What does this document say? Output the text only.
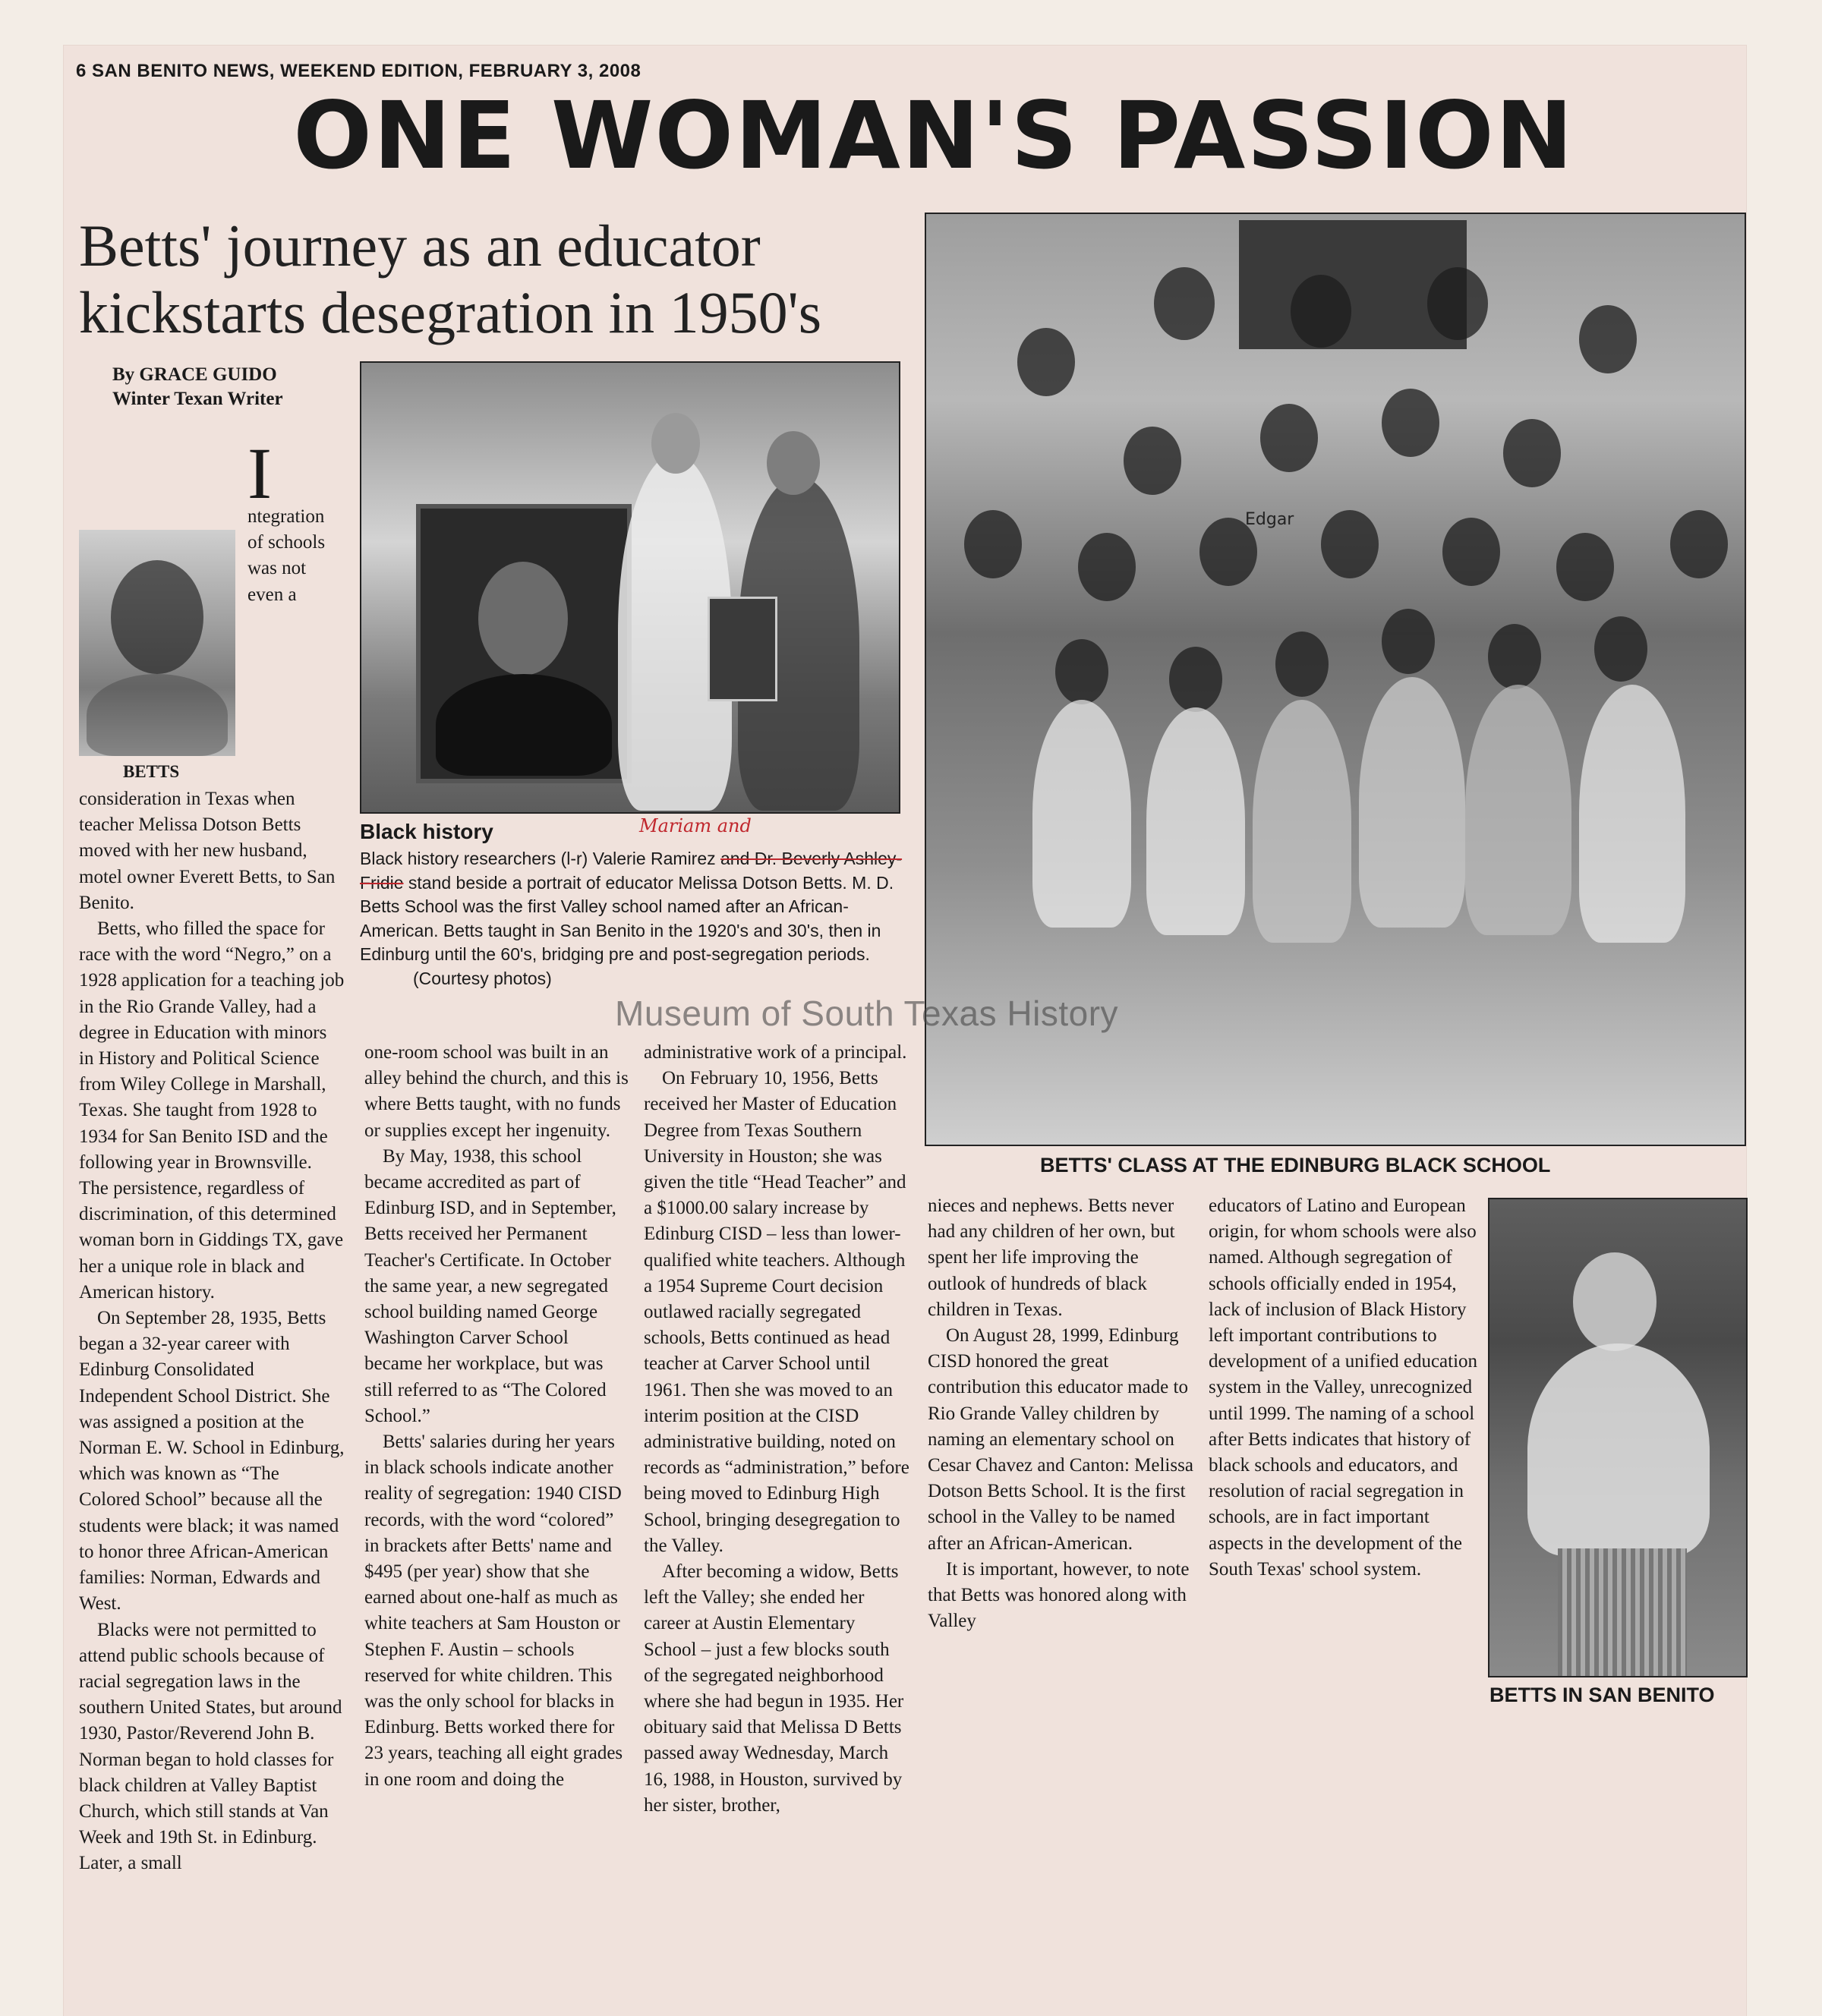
6 SAN BENITO NEWS, WEEKEND EDITION, FEBRUARY 3, 2008
ONE WOMAN'S PASSION
Betts' journey as an educator
kickstarts desegration in 1950's
By GRACE GUIDO
Winter Texan Writer
BETTS

I
ntegration of schools was not even a consideration in Texas when teacher Melissa Dotson Betts moved with her new husband, motel owner Everett Betts, to San Benito.

Betts, who filled the space for race with the word “Negro,” on a 1928 application for a teaching job in the Rio Grande Valley, had a degree in Education with minors in History and Political Science from Wiley College in Marshall, Texas. She taught from 1928 to 1934 for San Benito ISD and the following year in Brownsville. The persistence, regardless of discrimination, of this determined woman born in Giddings TX, gave her a unique role in black and American history.

On September 28, 1935, Betts began a 32-year career with Edinburg Consolidated Independent School District. She was assigned a position at the Norman E. W. School in Edinburg, which was known as “The Colored School” because all the students were black; it was named to honor three African-American families: Norman, Edwards and West.

Blacks were not permitted to attend public schools because of racial segregation laws in the southern United States, but around 1930, Pastor/Reverend John B. Norman began to hold classes for black children at Valley Baptist Church, which still stands at Van Week and 19th St. in Edinburg. Later, a small

Black history	Mariam and
Black history researchers (l-r) Valerie Ramirez and Dr. Beverly Ashley-Fridie stand beside a portrait of educator Melissa Dotson Betts. M. D. Betts School was the first Valley school named after an African-American. Betts taught in San Benito in the 1920's and 30's, then in Edinburg until the 60's, bridging pre and post-segregation periods. (Courtesy photos)

one-room school was built in an alley behind the church, and this is where Betts taught, with no funds or supplies except her ingenuity.

By May, 1938, this school became accredited as part of Edinburg ISD, and in September, Betts received her Permanent Teacher's Certificate. In October the same year, a new segregated school building named George Washington Carver School became her workplace, but was still referred to as “The Colored School.”

Betts' salaries during her years in black schools indicate another reality of segregation: 1940 CISD records, with the word “colored” in brackets after Betts' name and $495 (per year) show that she earned about one-half as much as white teachers at Sam Houston or Stephen F. Austin – schools reserved for white children. This was the only school for blacks in Edinburg. Betts worked there for 23 years, teaching all eight grades in one room and doing the

administrative work of a principal.

On February 10, 1956, Betts received her Master of Education Degree from Texas Southern University in Houston; she was given the title “Head Teacher” and a $1000.00 salary increase by Edinburg CISD – less than lower-qualified white teachers. Although a 1954 Supreme Court decision outlawed racially segregated schools, Betts continued as head teacher at Carver School until 1961. Then she was moved to an interim position at the CISD administrative building, noted on records as “administration,” before being moved to Edinburg High School, bringing desegregation to the Valley.

After becoming a widow, Betts left the Valley; she ended her career at Austin Elementary School – just a few blocks south of the segregated neighborhood where she had begun in 1935. Her obituary said that Melissa D Betts passed away Wednesday, March 16, 1988, in Houston, survived by her sister, brother,

Edgar
BETTS' CLASS AT THE EDINBURG BLACK SCHOOL

nieces and nephews. Betts never had any children of her own, but spent her life improving the outlook of hundreds of black children in Texas.

On August 28, 1999, Edinburg CISD honored the great contribution this educator made to Rio Grande Valley children by naming an elementary school on Cesar Chavez and Canton: Melissa Dotson Betts School. It is the first school in the Valley to be named after an African-American.

It is important, however, to note that Betts was honored along with Valley

educators of Latino and European origin, for whom schools were also named. Although segregation of schools officially ended in 1954, lack of inclusion of Black History left important contributions to development of a unified education system in the Valley, unrecognized until 1999. The naming of a school after Betts indicates that history of black schools and educators, and resolution of racial segregation in schools, are in fact important aspects in the development of the South Texas' school system.

BETTS IN SAN BENITO
Museum of South Texas History
